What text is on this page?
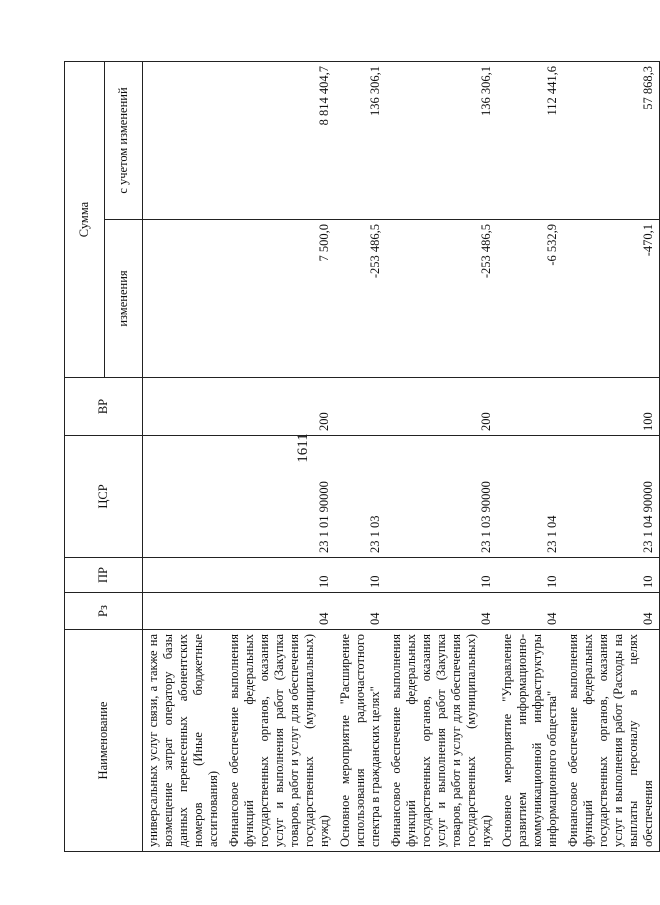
1611
Наименование	Рз	ПР	ЦСР	ВР	Сумма	
					изменения	с учетом изменений
универсальных услуг связи, а также на возмещение затрат оператору базы данных перенесенных абонентских номеров (Иные бюджетные ассигнования)						
Финансовое обеспечение выполнения функций федеральных государственных органов, оказания услуг и выполнения работ (Закупка товаров, работ и услуг для обеспечения государственных (муниципальных) нужд)	04	10	23 1 01 90000	200	7 500,0	8 814 404,7
Основное мероприятие "Расширение использования радиочастотного спектра в гражданских целях"	04	10	23 1 03		-253 486,5	136 306,1
Финансовое обеспечение выполнения функций федеральных государственных органов, оказания услуг и выполнения работ (Закупка товаров, работ и услуг для обеспечения государственных (муниципальных) нужд)	04	10	23 1 03 90000	200	-253 486,5	136 306,1
Основное мероприятие "Управление развитием информационно-коммуникационной инфраструктуры информационного общества"	04	10	23 1 04		-6 532,9	112 441,6
Финансовое обеспечение выполнения функций федеральных государственных органов, оказания услуг и выполнения работ (Расходы на выплаты персоналу в целях обеспечения	04	10	23 1 04 90000	100	-470,1	57 868,3
